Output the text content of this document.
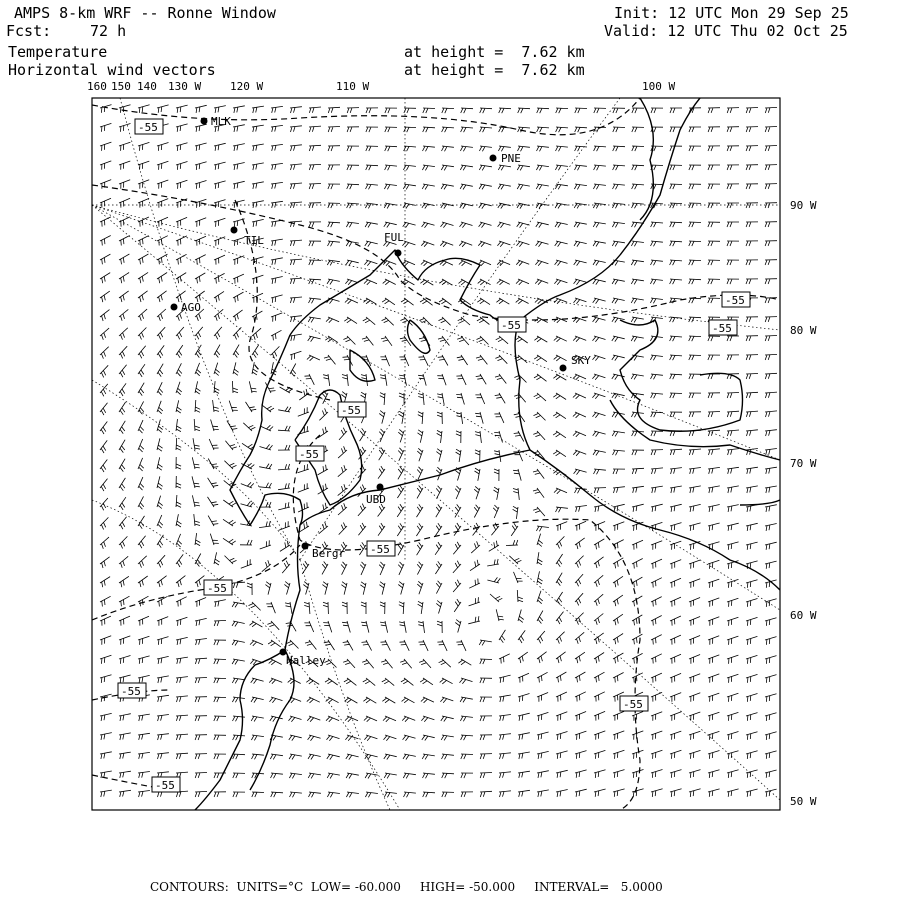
AMPS 8-km WRF -- Ronne Window
Fcst:	72 h
Temperature
Horizontal wind vectors
at height =  7.62 km
at height =  7.62 km
Init: 12 UTC Mon 29 Sep 25
Valid: 12 UTC Thu 02 Oct 25
160 150 140 130 W	120 W	110 W	100 W
90 W
80 W
70 W
60 W
50 W
MLK
PNE
TIL	FUL
AGO
SKY
UBD
Bergr
Halley
-55
-55
-55
-55
-55
-55
-55
-55
-55
-55
-55
CONTOURS:  UNITS=°C  LOW= -60.000     HIGH= -50.000     INTERVAL=   5.0000
